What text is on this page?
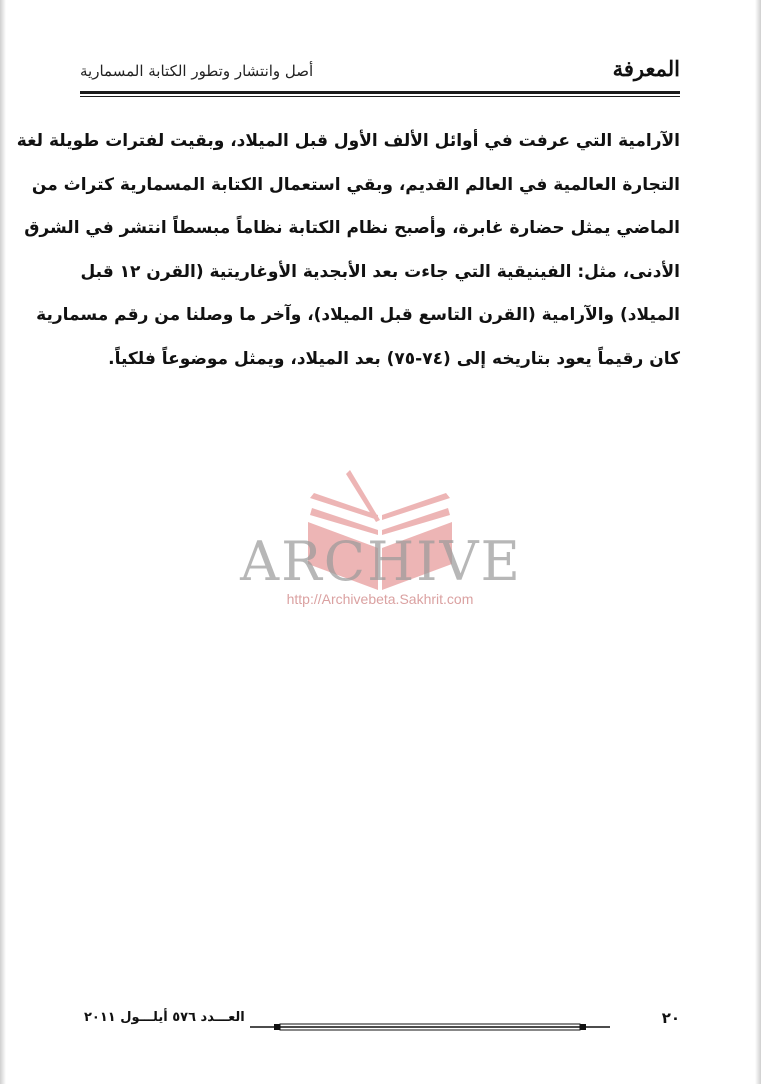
المعرفة
أصل وانتشار وتطور الكتابة المسمارية
الآرامية التي عرفت في أوائل الألف الأول قبل الميلاد، وبقيت لفترات طويلة لغة
التجارة العالمية في العالم القديم، وبقي استعمال الكتابة المسمارية كتراث من
الماضي يمثل حضارة غابرة، وأصبح نظام الكتابة نظاماً مبسطاً انتشر في الشرق
الأدنى، مثل: الفينيقية التي جاءت بعد الأبجدية الأوغاريتية (القرن ١٢ قبل
الميلاد) والآرامية (القرن التاسع قبل الميلاد)، وآخر ما وصلنا من رقم مسمارية
كان رقيماً يعود بتاريخه إلى (٧٤-٧٥) بعد الميلاد، ويمثل موضوعاً فلكياً.
ARCHIVE
http://Archivebeta.Sakhrit.com
٢٠
العـــدد ٥٧٦ أيلـــول ٢٠١١
